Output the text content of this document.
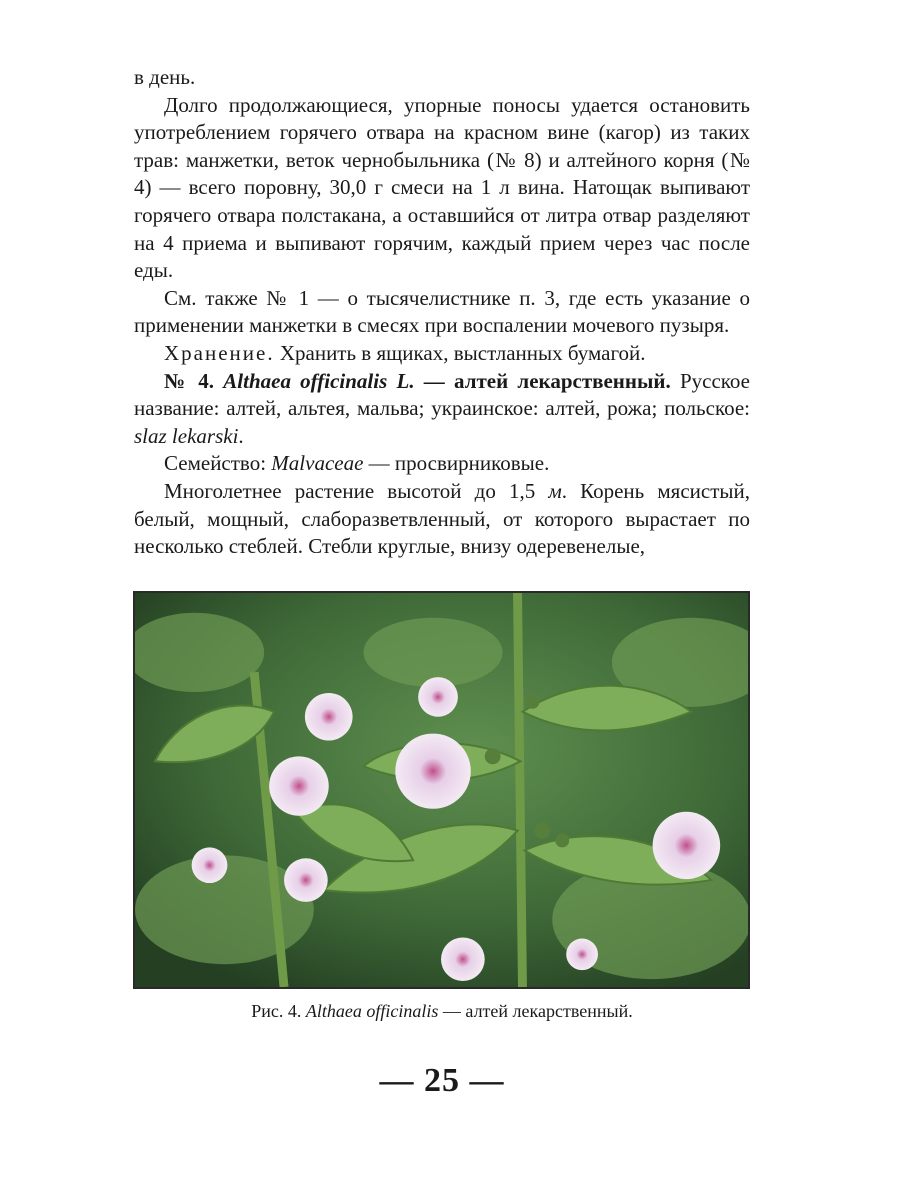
в день.

Долго продолжающиеся, упорные поносы удается остановить употреблением горячего отвара на красном вине (кагор) из таких трав: манжетки, веток чернобыльника (№ 8) и алтейного корня (№ 4) — всего поровну, 30,0 г смеси на 1 л вина. Натощак выпивают горячего отвара полстакана, а оставшийся от литра отвар разделяют на 4 приема и выпивают горячим, каждый прием через час после еды.

См. также № 1 — о тысячелистнике п. 3, где есть указание о применении манжетки в смесях при воспалении мочевого пузыря.

Хранение. Хранить в ящиках, выстланных бумагой.

№ 4. Althaea officinalis L. — алтей лекарственный. Русское название: алтей, альтея, мальва; украинское: алтей, рожа; польское: slaz lekarski.

Семейство: Malvaceae — просвирниковые.

Многолетнее растение высотой до 1,5 м. Корень мясистый, белый, мощный, слаборазветвленный, от которого вырастает по несколько стеблей. Стебли круглые, внизу одеревенелые,

Рис. 4. Althaea officinalis — алтей лекарственный.
— 25 —
